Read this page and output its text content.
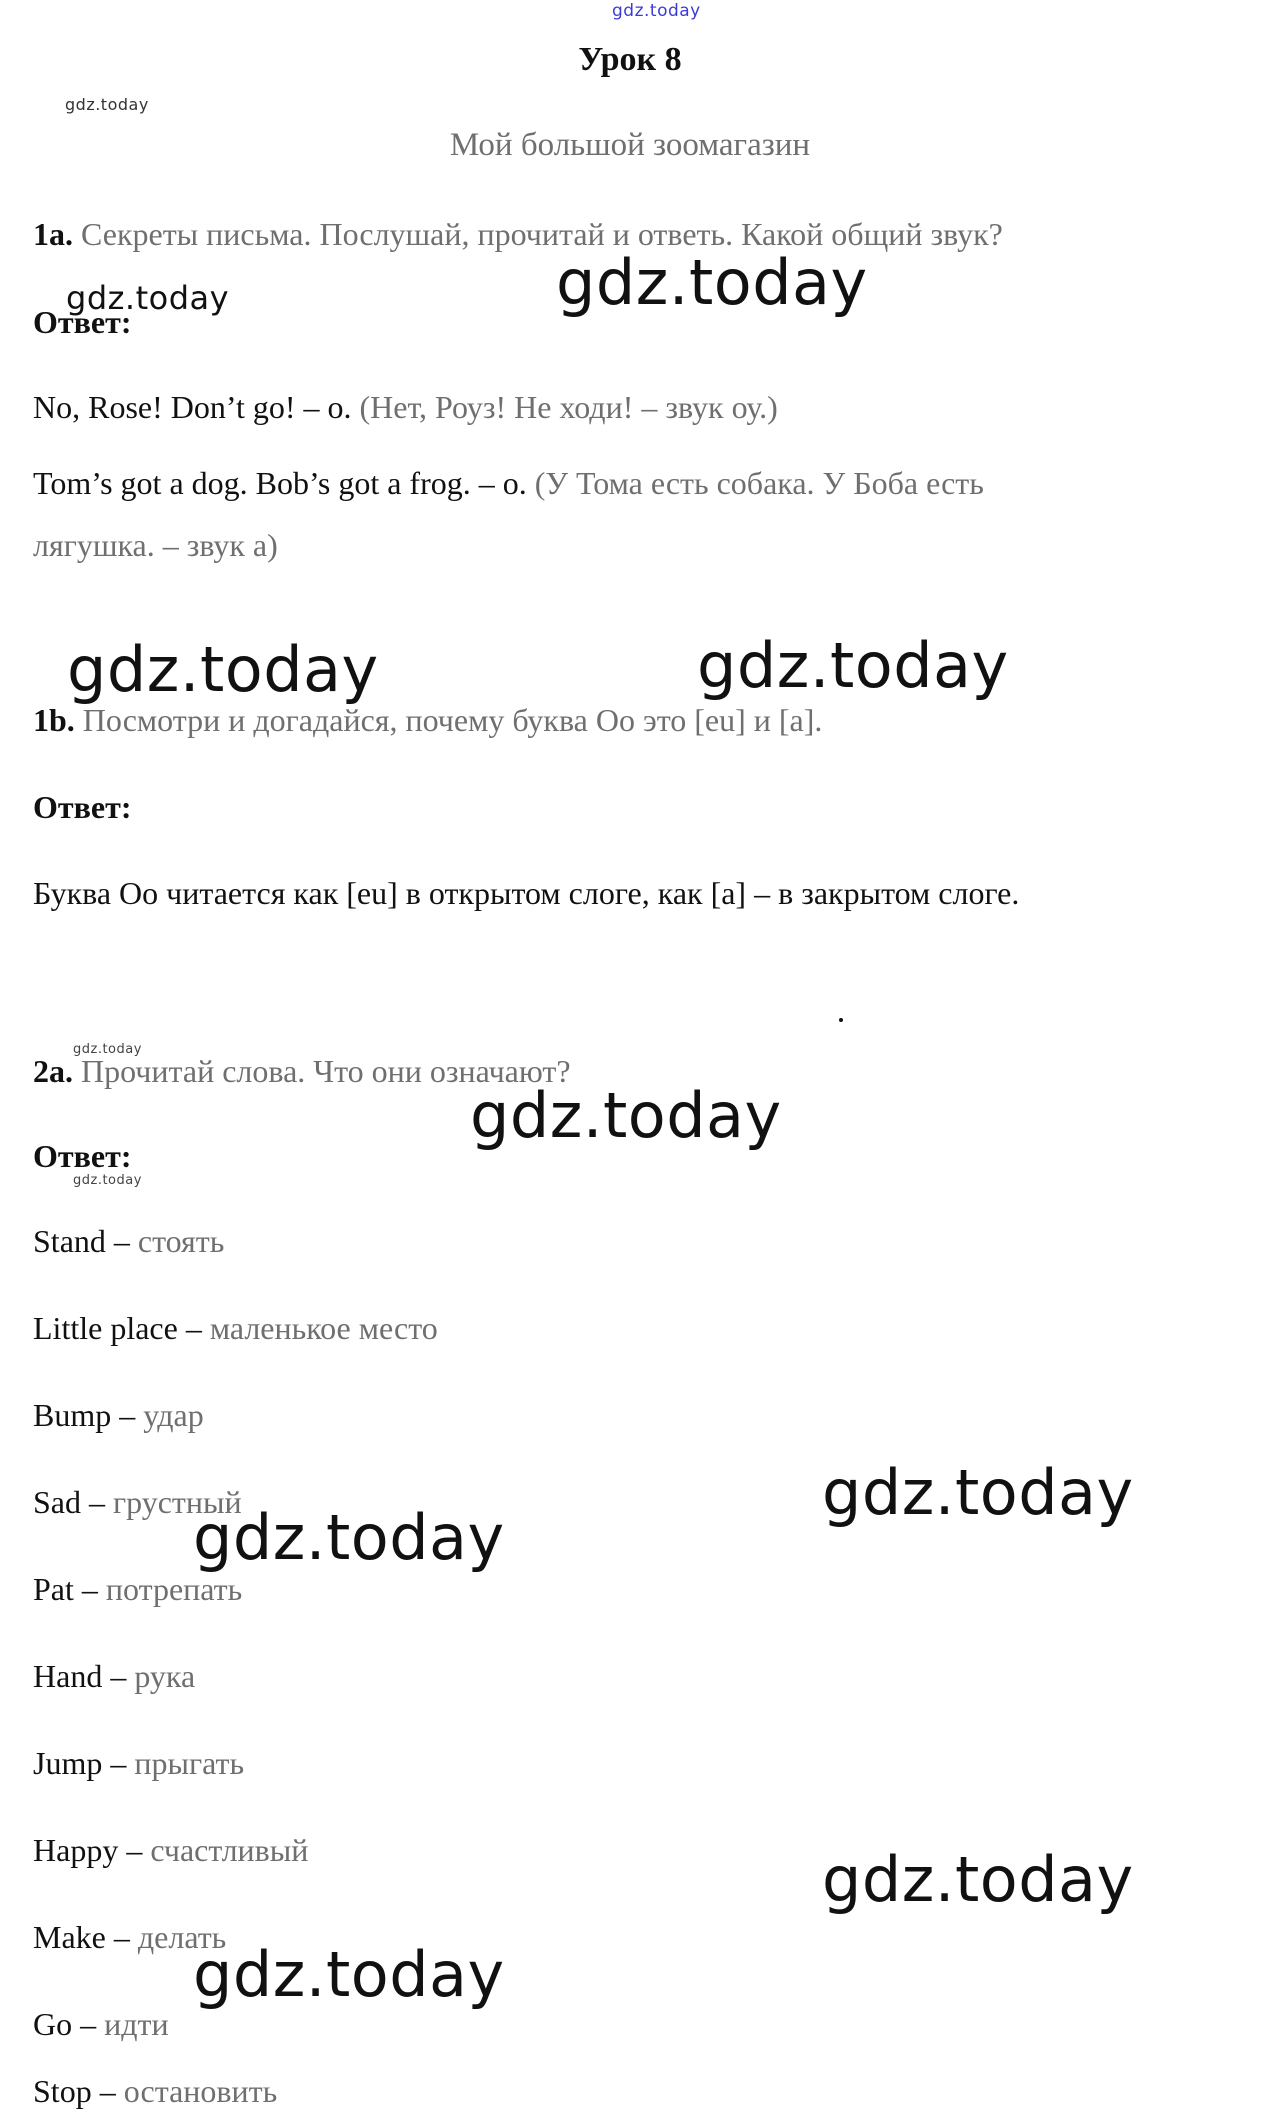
gdz.today
Урок 8
gdz.today
Мой большой зоомагазин
1a. Секреты письма. Послушай, прочитай и ответь. Какой общий звук?
gdz.today
gdz.today
Ответ:
No, Rose! Don’t go! – o. (Нет, Роуз! Не ходи! – звук оу.)
Tom’s got a dog. Bob’s got a frog. – o. (У Тома есть собака. У Боба есть
лягушка. – звук а)
gdz.today	gdz.today
1b. Посмотри и догадайся, почему буква Оо это [eu] и [a].
Ответ:
Буква Оо читается как [eu] в открытом слоге, как [a] – в закрытом слоге.
gdz.today
2a. Прочитай слова. Что они означают?
gdz.today
Ответ:
gdz.today
Stand – стоять
Little place – маленькое место
Bump – удар
Sad – грустный	gdz.today
gdz.today
Pat – потрепать
Hand – рука
Jump – прыгать
Happy – счастливый	gdz.today
Make – делать
gdz.today
Go – идти
Stop – остановить
